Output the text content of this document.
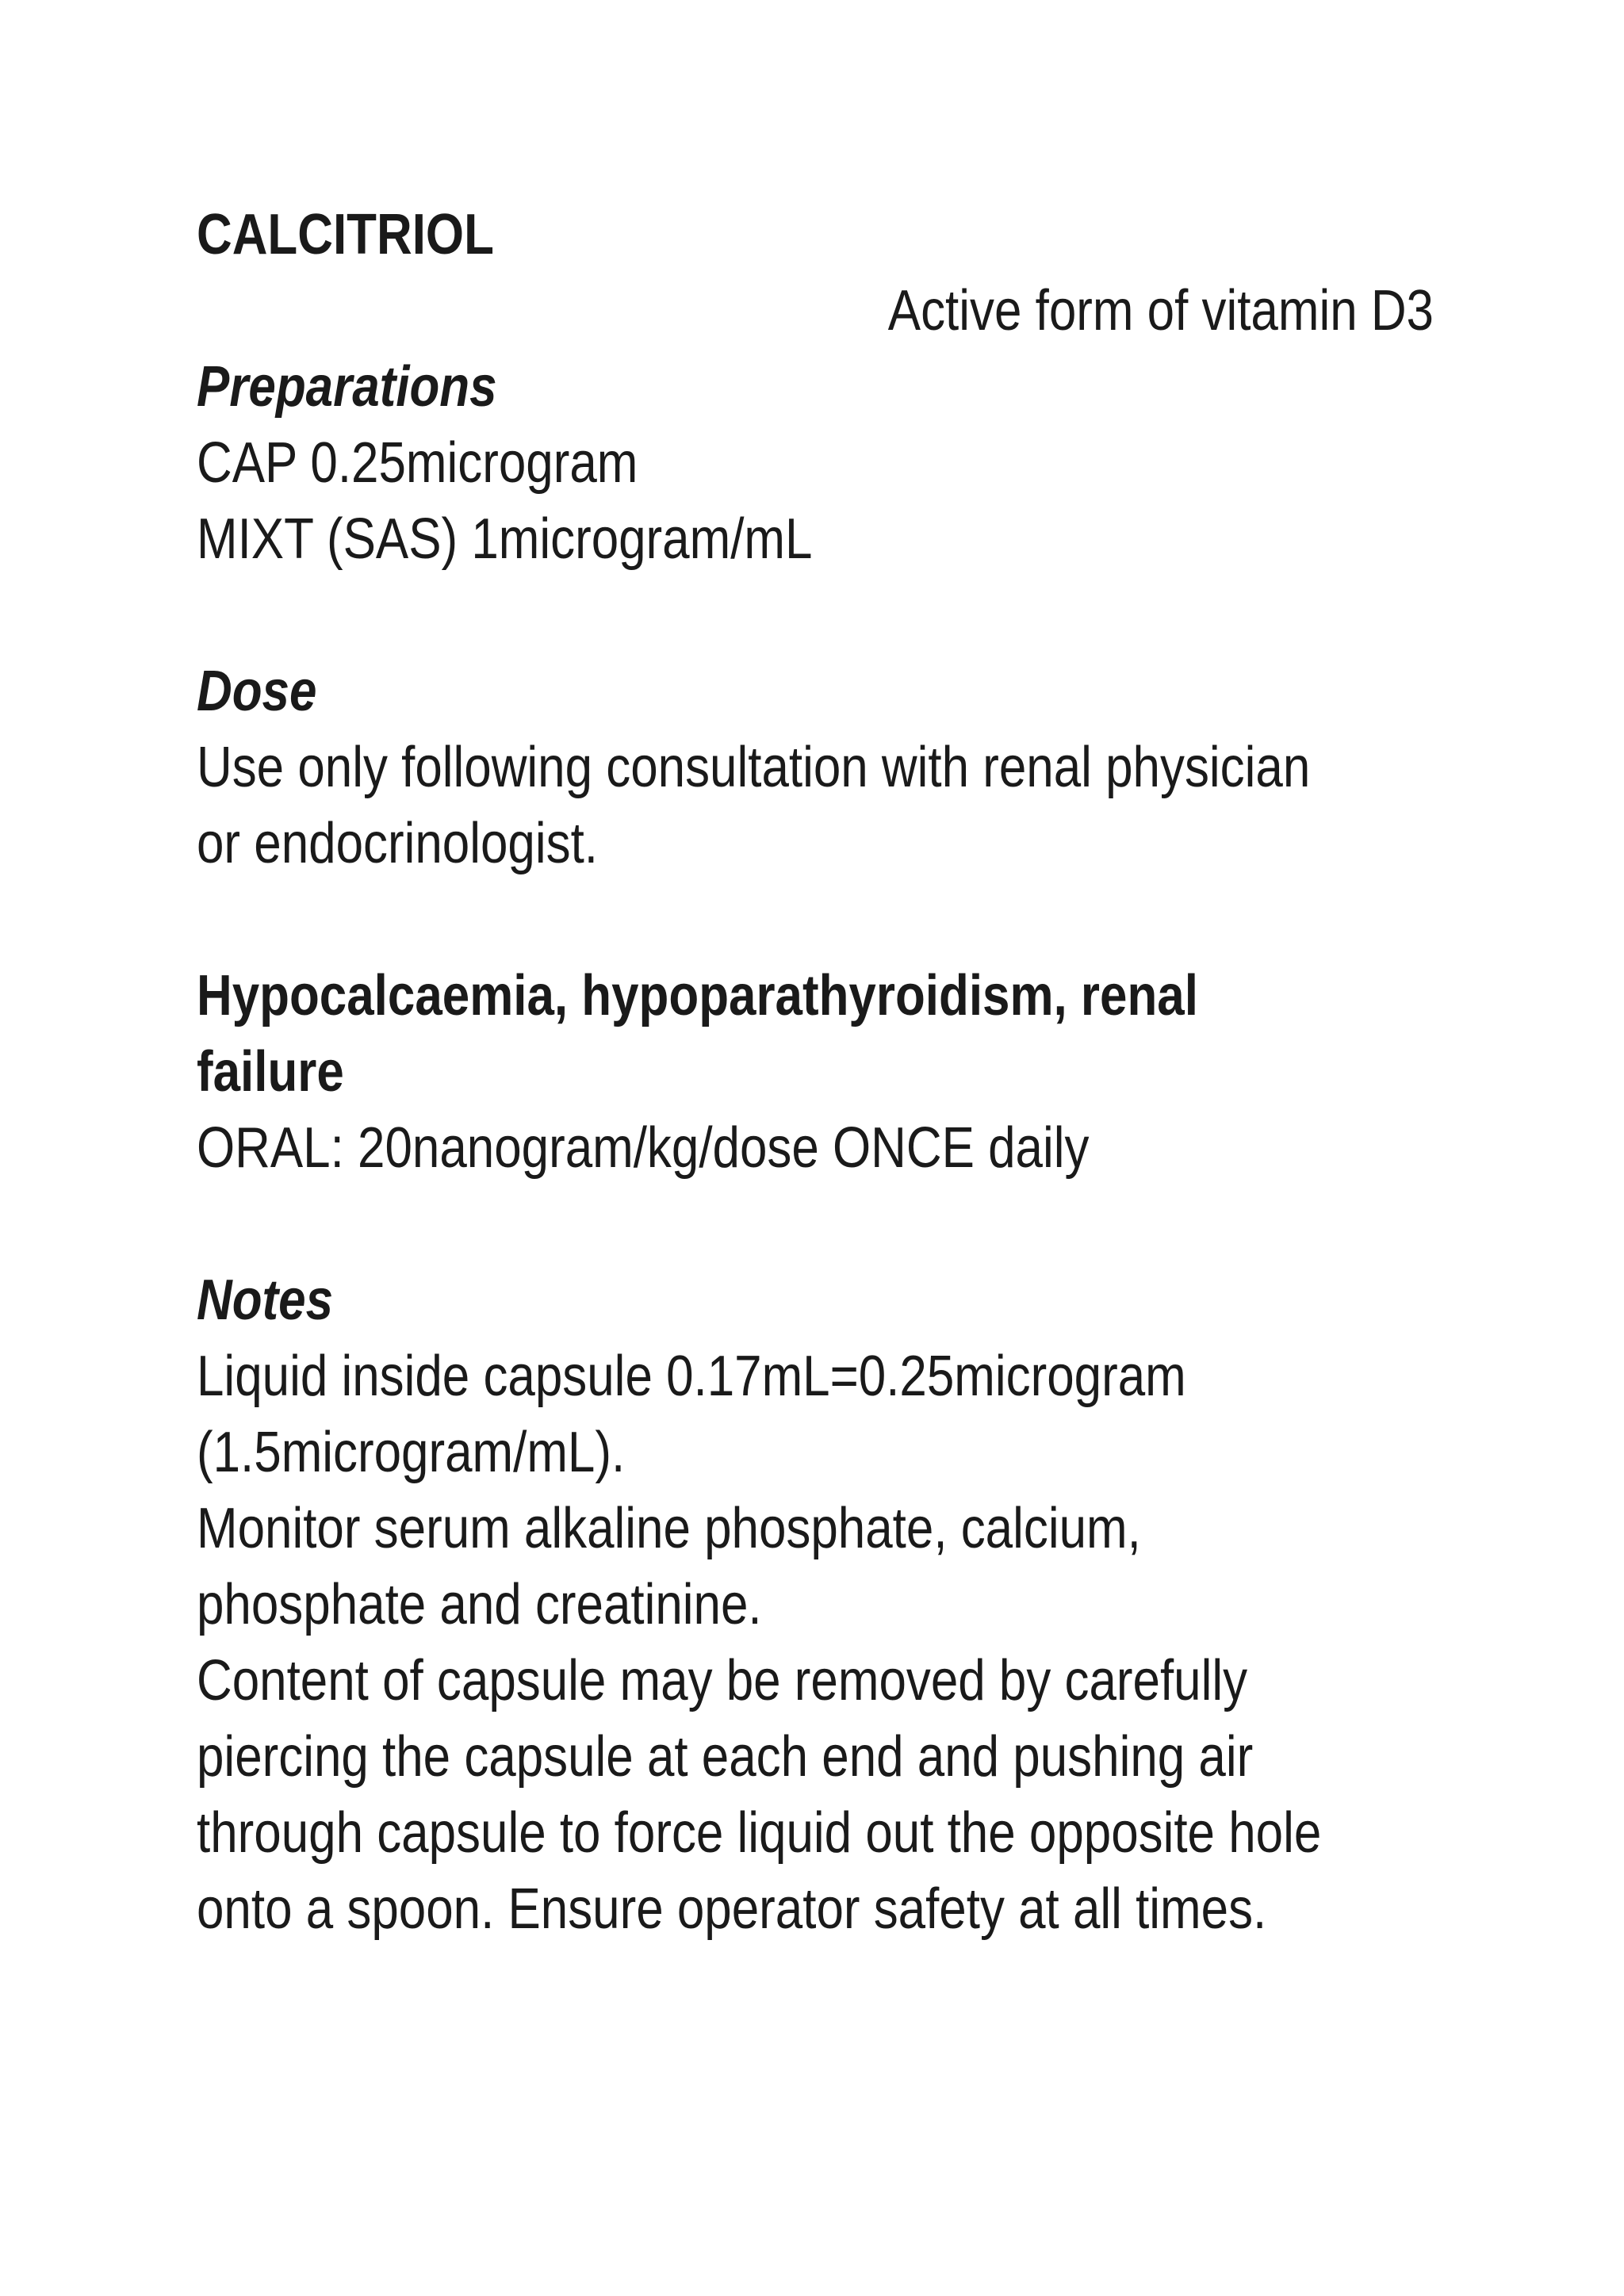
CALCITRIOL
Active form of vitamin D3
Preparations
CAP 0.25microgram
MIXT (SAS) 1microgram/mL
Dose
Use only following consultation with renal physician
or endocrinologist.
Hypocalcaemia, hypoparathyroidism, renal
failure
ORAL: 20nanogram/kg/dose ONCE daily
Notes
Liquid inside capsule 0.17mL=0.25microgram
(1.5microgram/mL).
Monitor serum alkaline phosphate, calcium,
phosphate and creatinine.
Content of capsule may be removed by carefully
piercing the capsule at each end and pushing air
through capsule to force liquid out the opposite hole
onto a spoon. Ensure operator safety at all times.
